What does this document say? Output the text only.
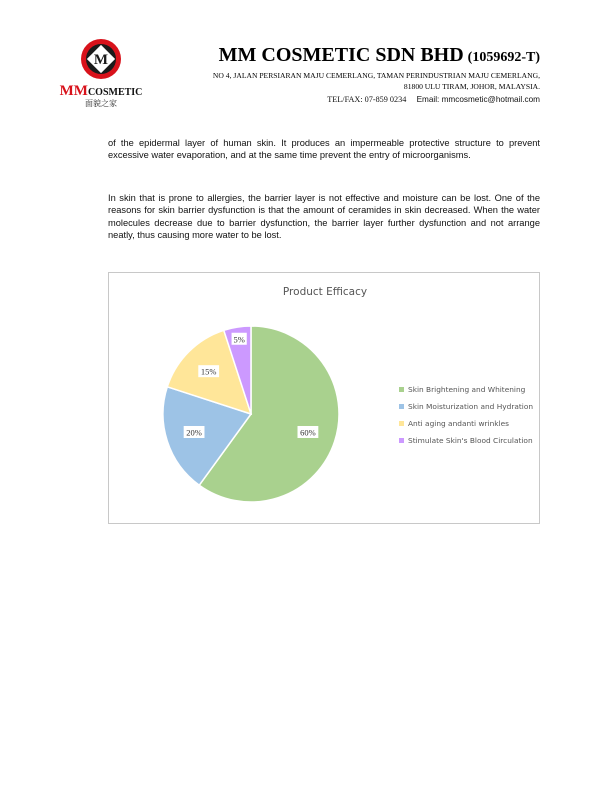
M
MMCOSMETIC
面貌之家
MM COSMETIC SDN BHD (1059692-T)
NO 4, JALAN PERSIARAN MAJU CEMERLANG, TAMAN PERINDUSTRIAN MAJU CEMERLANG,
81800 ULU TIRAM, JOHOR, MALAYSIA.
TEL/FAX: 07-859 0234 Email: mmcosmetic@hotmail.com
of the epidermal layer of human skin. It produces an impermeable protective structure to prevent excessive water evaporation, and at the same time prevent the entry of microorganisms.
In skin that is prone to allergies, the barrier layer is not effective and moisture can be lost. One of the reasons for skin barrier dysfunction is that the amount of ceramides in skin decreased. When the water molecules decrease due to barrier dysfunction, the barrier layer further dysfunction and not arrange neatly, thus causing more water to be lost.
Product Efficacy
60%
20%
15%
5%
Skin Brightening and Whitening
Skin Moisturization and Hydration
Anti aging andanti wrinkles
Stimulate Skin's Blood Circulation
